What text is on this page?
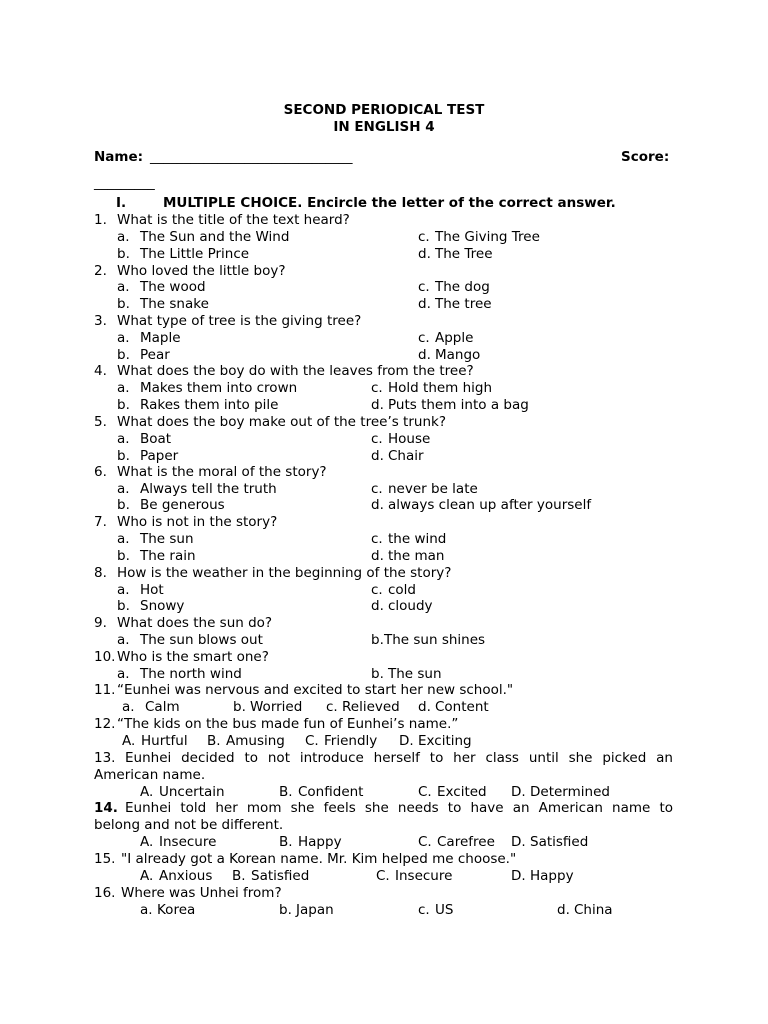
SECOND PERIODICAL TEST
IN ENGLISH 4
Name: ______________________________	Score:
_________
I.	MULTIPLE CHOICE. Encircle the letter of the correct answer.
1. What is the title of the text heard?
a. The Sun and the Wind	c. The Giving Tree
b. The Little Prince	d. The Tree
2. Who loved the little boy?
a. The wood	c. The dog
b. The snake	d. The tree
3. What type of tree is the giving tree?
a. Maple	c. Apple
b. Pear	d. Mango
4. What does the boy do with the leaves from the tree?
a. Makes them into crown	c. Hold them high
b. Rakes them into pile	d. Puts them into a bag
5. What does the boy make out of the tree’s trunk?
a. Boat	c. House
b. Paper	d. Chair
6. What is the moral of the story?
a. Always tell the truth	c. never be late
b. Be generous	d. always clean up after yourself
7. Who is not in the story?
a. The sun	c. the wind
b. The rain	d. the man
8. How is the weather in the beginning of the story?
a. Hot	c. cold
b. Snowy	d. cloudy
9. What does the sun do?
a. The sun blows out	b. The sun shines
10. Who is the smart one?
a. The north wind	b. The sun
11. “Eunhei was nervous and excited to start her new school."
a. Calm	b. Worried c. Relieved d. Content
12. “The kids on the bus made fun of Eunhei’s name.”
A. Hurtful B. Amusing C. Friendly D. Exciting
13. Eunhei decided to not introduce herself to her class until she picked an
American name.
A. Uncertain	B. Confident	C. Excited D. Determined
14. Eunhei told her mom she feels she needs to have an American name to
belong and not be different.
A. Insecure	B. Happy	C. Carefree D. Satisfied
15. "I already got a Korean name. Mr. Kim helped me choose."
A. Anxious B. Satisfied	C. Insecure	D. Happy
16. Where was Unhei from?
a. Korea	b. Japan	c. US	d. China
